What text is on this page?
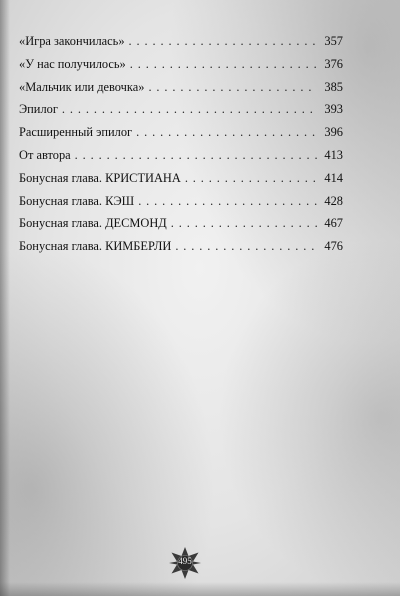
«Игра закончилась» . . .	357
«У нас получилось» . . .	376
«Мальчик или девочка» . . .	385
Эпилог . . .	393
Расширенный эпилог . . .	396
От автора . . .	413
Бонусная глава. КРИСТИАНА . . .	414
Бонусная глава. КЭШ . . .	428
Бонусная глава. ДЕСМОНД . . .	467
Бонусная глава. КИМБЕРЛИ . . .	476
495
